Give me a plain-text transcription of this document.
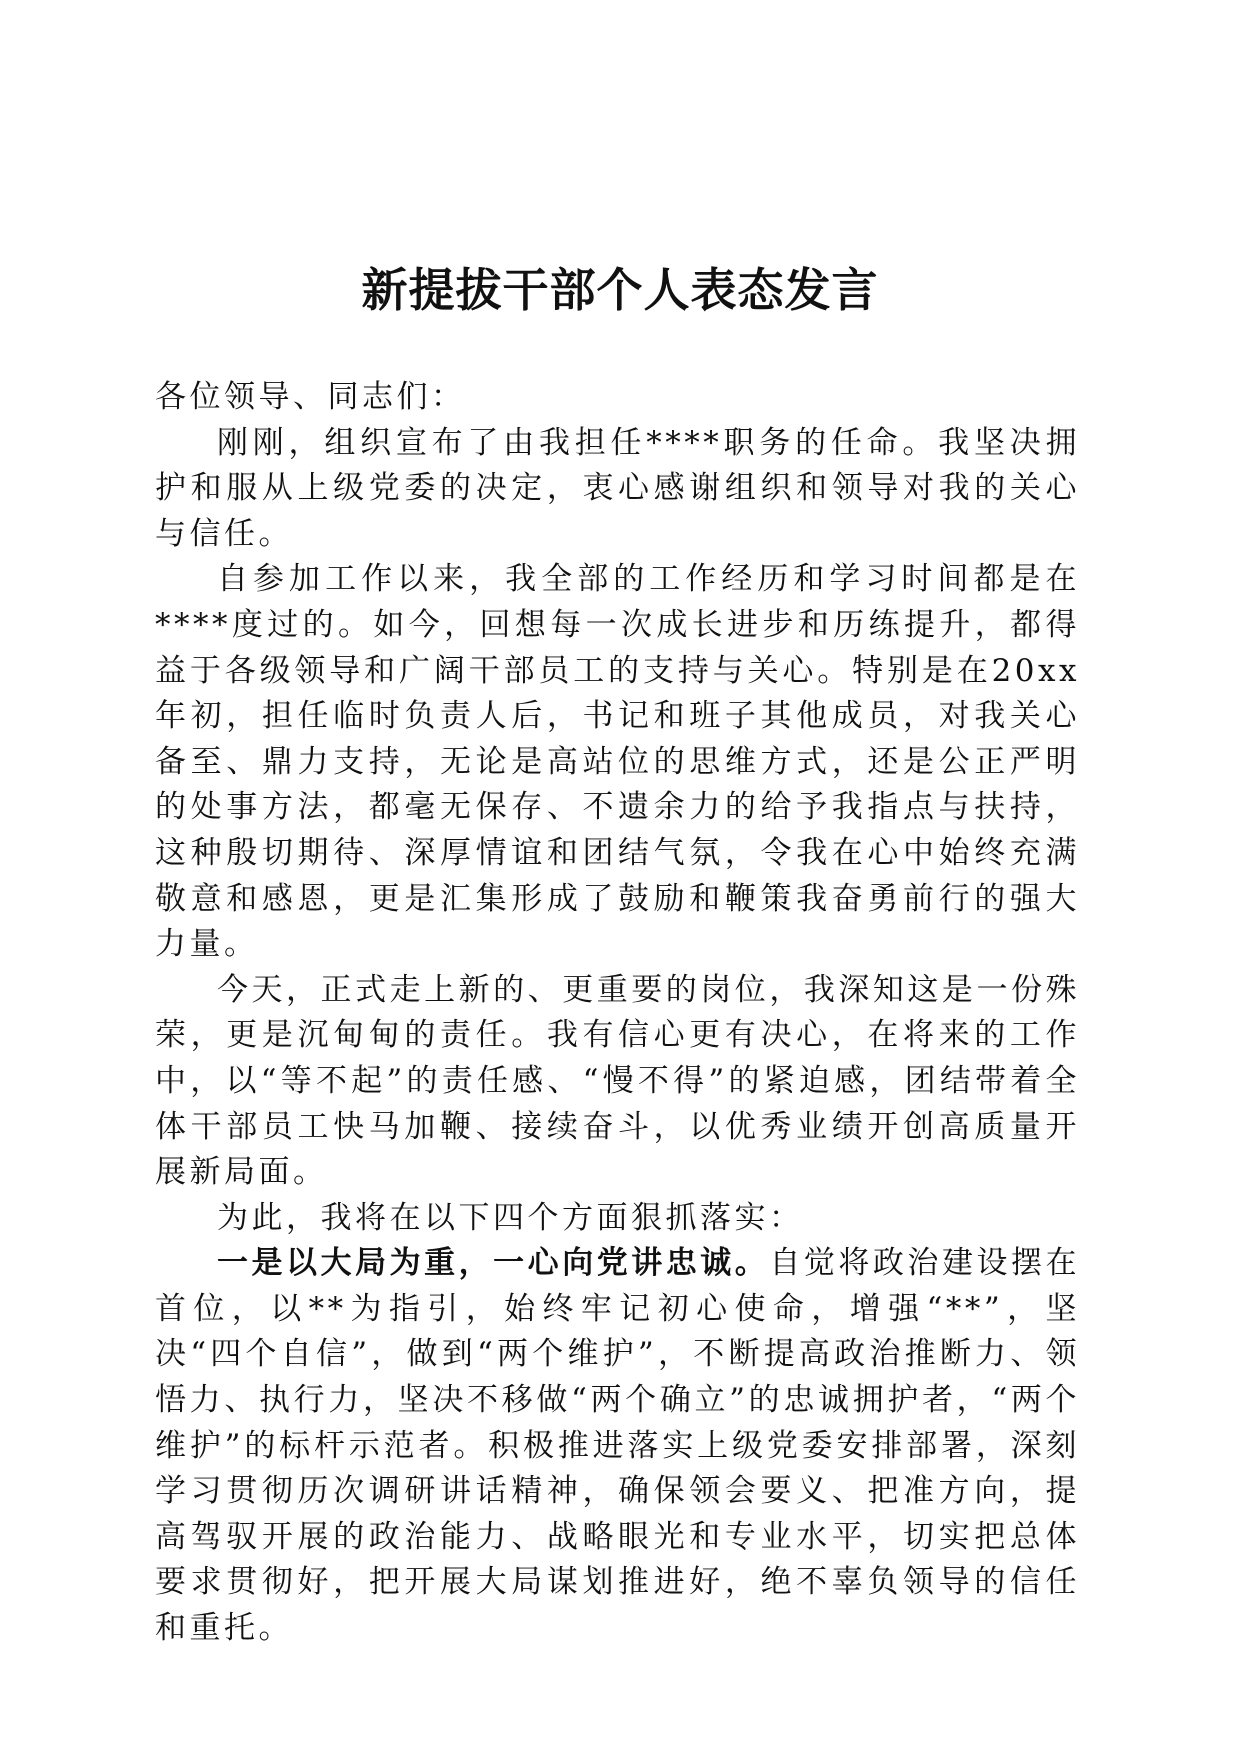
新提拔干部个人表态发言

各位领导、同志们：

刚刚，组织宣布了由我担任****职务的任命。我坚决拥护和服从上级党委的决定，衷心感谢组织和领导对我的关心与信任。

自参加工作以来，我全部的工作经历和学习时间都是在****度过的。如今，回想每一次成长进步和历练提升，都得益于各级领导和广阔干部员工的支持与关心。特别是在20xx年初，担任临时负责人后，书记和班子其他成员，对我关心备至、鼎力支持，无论是高站位的思维方式，还是公正严明的处事方法，都毫无保存、不遗余力的给予我指点与扶持，这种殷切期待、深厚情谊和团结气氛，令我在心中始终充满敬意和感恩，更是汇集形成了鼓励和鞭策我奋勇前行的强大力量。

今天，正式走上新的、更重要的岗位，我深知这是一份殊荣，更是沉甸甸的责任。我有信心更有决心，在将来的工作中，以“等不起”的责任感、“慢不得”的紧迫感，团结带着全体干部员工快马加鞭、接续奋斗，以优秀业绩开创高质量开展新局面。

为此，我将在以下四个方面狠抓落实：

一是以大局为重，一心向党讲忠诚。自觉将政治建设摆在首位，以**为指引，始终牢记初心使命，增强“**”，坚决“四个自信”，做到“两个维护”，不断提高政治推断力、领悟力、执行力，坚决不移做“两个确立”的忠诚拥护者，“两个维护”的标杆示范者。积极推进落实上级党委安排部署，深刻学习贯彻历次调研讲话精神，确保领会要义、把准方向，提高驾驭开展的政治能力、战略眼光和专业水平，切实把总体要求贯彻好，把开展大局谋划推进好，绝不辜负领导的信任和重托。
